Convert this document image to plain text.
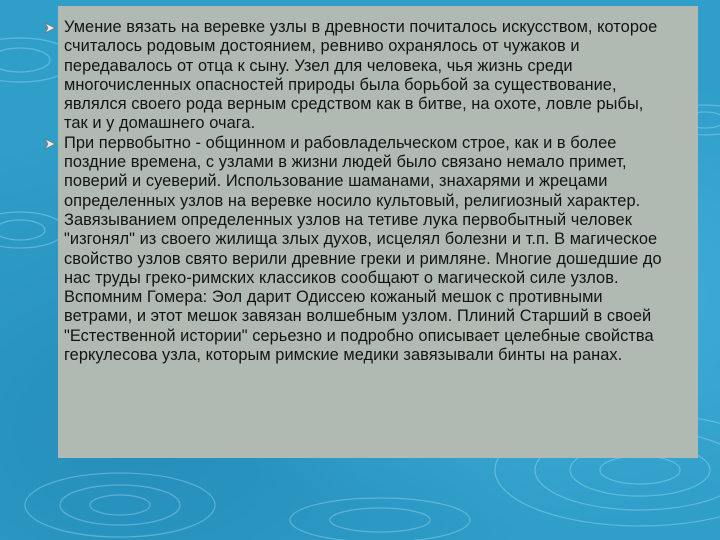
Умение вязать на веревке узлы в древности почиталось искусством, которое считалось родовым достоянием, ревниво охранялось от чужаков и передавалось от отца к сыну. Узел для человека, чья жизнь среди многочисленных опасностей природы была борьбой за существование, являлся своего рода верным средством как в битве, на охоте, ловле рыбы, так и у домашнего очага.
При первобытно - общинном и рабовладельческом строе, как и в более поздние времена, с узлами в жизни людей было связано немало примет, поверий и суеверий. Использование шаманами, знахарями и жрецами определенных узлов на веревке носило культовый, религиозный характер. Завязыванием определенных узлов на тетиве лука первобытный человек "изгонял" из своего жилища злых духов, исцелял болезни и т.п. В магическое свойство узлов свято верили древние греки и римляне. Многие дошедшие до нас труды греко-римских классиков сообщают о магической силе узлов. Вспомним Гомера: Эол дарит Одиссею кожаный мешок с противными ветрами, и этот мешок завязан волшебным узлом. Плиний Старший в своей "Естественной истории" серьезно и подробно описывает целебные свойства геркулесова узла, которым римские медики завязывали бинты на ранах.
